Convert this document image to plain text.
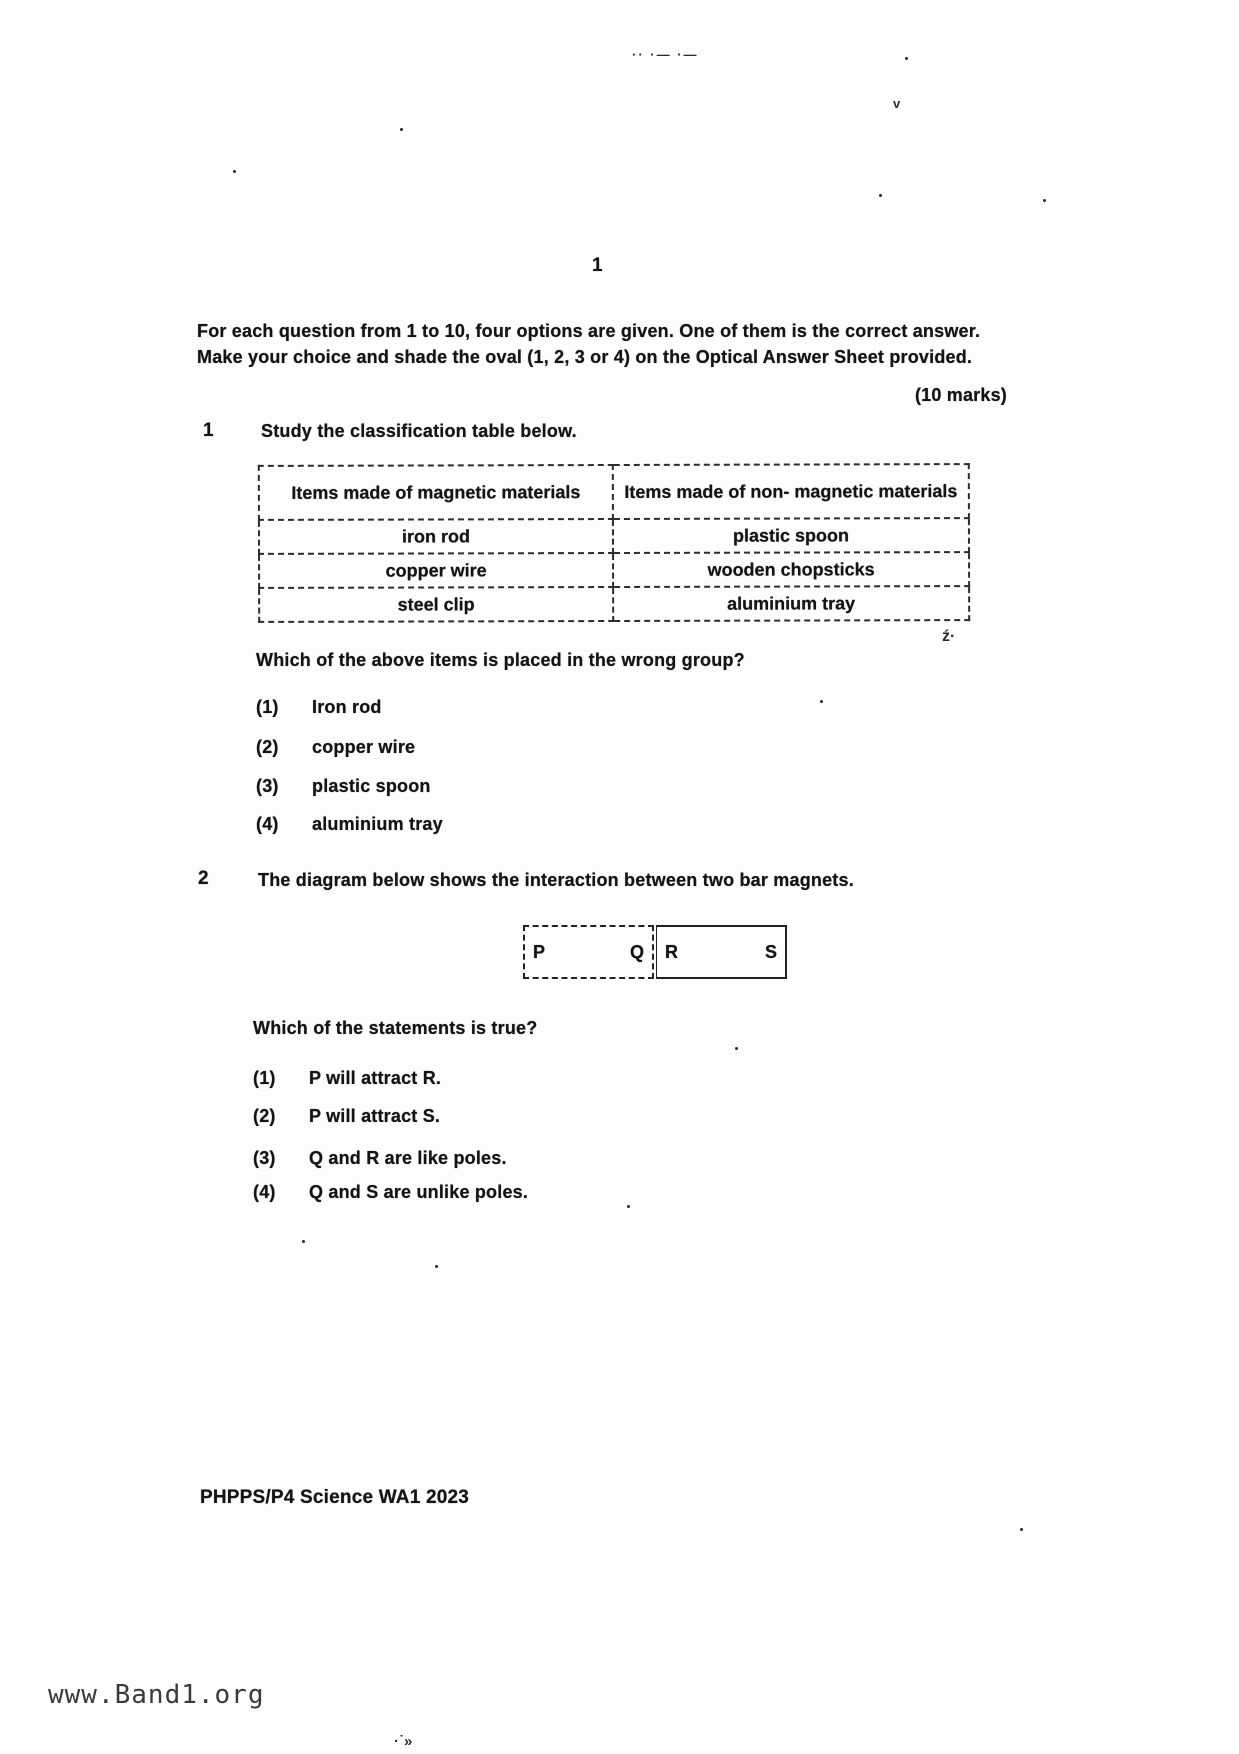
·· ·— ·—
v
ź·
·˙»
1
For each question from 1 to 10, four options are given. One of them is the correct answer.
Make your choice and shade the oval (1, 2, 3 or 4) on the Optical Answer Sheet provided.
(10 marks)
1	Study the classification table below.
Items made of magnetic materials	Items made of non- magnetic materials
iron rod	plastic spoon
copper wire	wooden chopsticks
steel clip	aluminium tray
Which of the above items is placed in the wrong group?
(1)	Iron rod
(2)	copper wire
(3)	plastic spoon
(4)	aluminium tray
2	The diagram below shows the interaction between two bar magnets.
P	Q R	S
Which of the statements is true?
(1)	P will attract R.
(2)	P will attract S.
(3)	Q and R are like poles.
(4)	Q and S are unlike poles.
PHPPS/P4 Science WA1 2023
www.Band1.org
